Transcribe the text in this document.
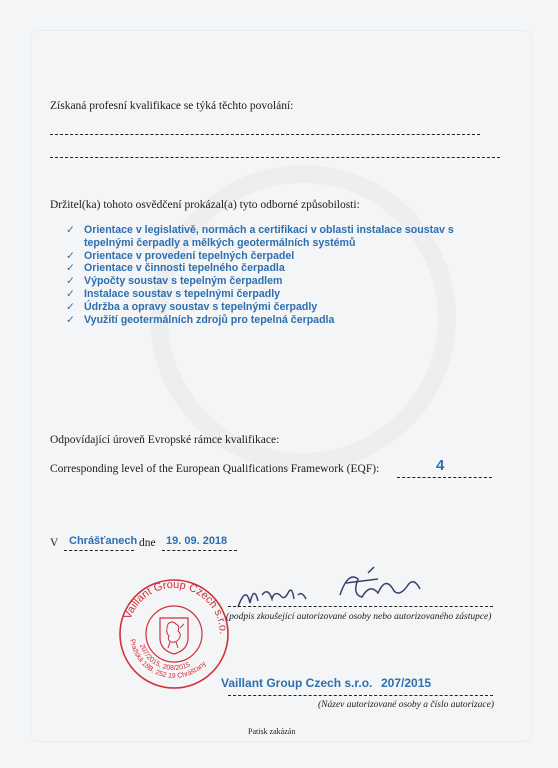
Získaná profesní kvalifikace se týká těchto povolání:
Držitel(ka) tohoto osvědčení prokázal(a) tyto odborné způsobilosti:
✓ Orientace v legislativě, normách a certifikaci v oblasti instalace soustav s tepelnými čerpadly a mělkých geotermálních systémů
✓ Orientace v provedení tepelných čerpadel
✓ Orientace v činnosti tepelného čerpadla
✓ Výpočty soustav s tepelným čerpadlem
✓ Instalace soustav s tepelnými čerpadly
✓ Údržba a opravy soustav s tepelnými čerpadly
✓ Využití geotermálních zdrojů pro tepelná čerpadla
Odpovídající úroveň Evropské rámce kvalifikace:
Corresponding level of the European Qualifications Framework (EQF):	4
V Chrášťanech dne 19. 09. 2018
Vaillant Group Czech s.r.o.
207/2015, 208/2015
Pražská 18B, 252 19 Chrášťany
(podpis zkoušející autorizované osoby nebo autorizovaného zástupce)
Vaillant Group Czech s.r.o. 207/2015
(Název autorizované osoby a číslo autorizace)
Patisk zakázán
